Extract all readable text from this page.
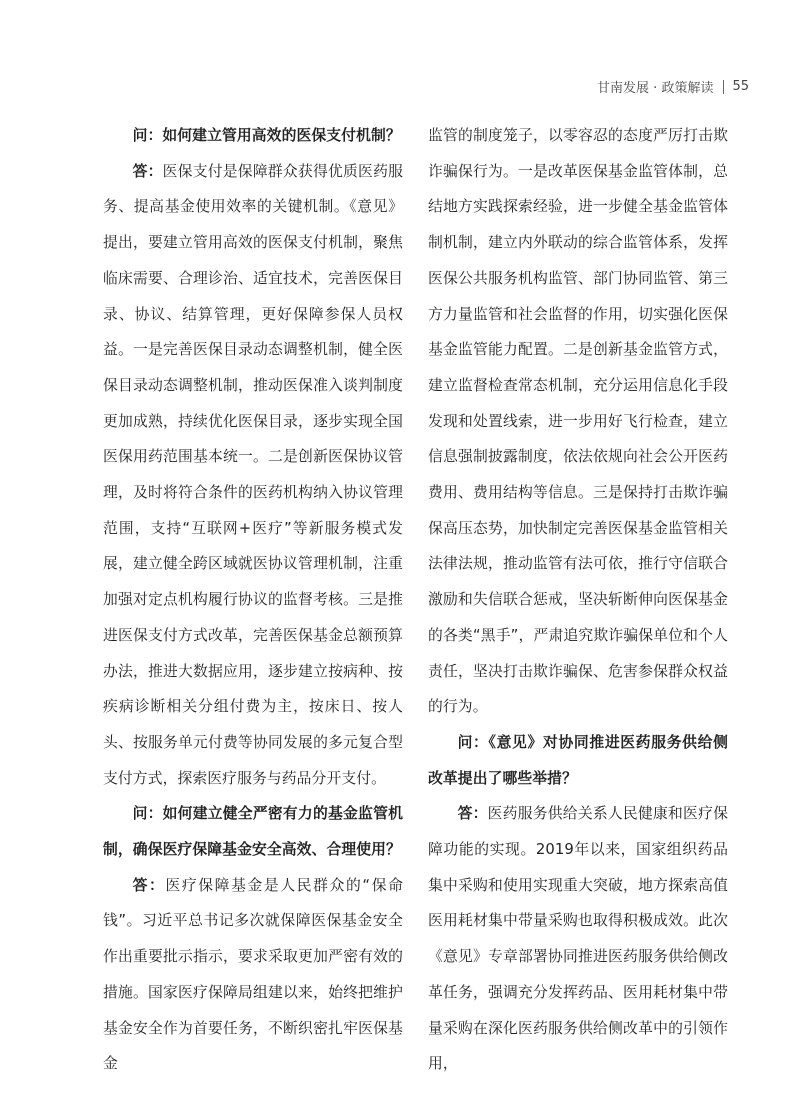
甘南发展 · 政策解读 55

问：如何建立管用高效的医保支付机制？

答：医保支付是保障群众获得优质医药服务、提高基金使用效率的关键机制。《意见》提出，要建立管用高效的医保支付机制，聚焦临床需要、合理诊治、适宜技术，完善医保目录、协议、结算管理，更好保障参保人员权益。一是完善医保目录动态调整机制，健全医保目录动态调整机制，推动医保准入谈判制度更加成熟，持续优化医保目录，逐步实现全国医保用药范围基本统一。二是创新医保协议管理，及时将符合条件的医药机构纳入协议管理范围，支持“互联网+医疗”等新服务模式发展，建立健全跨区域就医协议管理机制，注重加强对定点机构履行协议的监督考核。三是推进医保支付方式改革，完善医保基金总额预算办法，推进大数据应用，逐步建立按病种、按疾病诊断相关分组付费为主，按床日、按人头、按服务单元付费等协同发展的多元复合型支付方式，探索医疗服务与药品分开支付。

问：如何建立健全严密有力的基金监管机制，确保医疗保障基金安全高效、合理使用？

答：医疗保障基金是人民群众的“保命钱”。习近平总书记多次就保障医保基金安全作出重要批示指示，要求采取更加严密有效的措施。国家医疗保障局组建以来，始终把维护基金安全作为首要任务，不断织密扎牢医保基金

监管的制度笼子，以零容忍的态度严厉打击欺诈骗保行为。一是改革医保基金监管体制，总结地方实践探索经验，进一步健全基金监管体制机制，建立内外联动的综合监管体系，发挥医保公共服务机构监管、部门协同监管、第三方力量监管和社会监督的作用，切实强化医保基金监管能力配置。二是创新基金监管方式，建立监督检查常态机制，充分运用信息化手段发现和处置线索，进一步用好飞行检查，建立信息强制披露制度，依法依规向社会公开医药费用、费用结构等信息。三是保持打击欺诈骗保高压态势，加快制定完善医保基金监管相关法律法规，推动监管有法可依，推行守信联合激励和失信联合惩戒，坚决斩断伸向医保基金的各类“黑手”，严肃追究欺诈骗保单位和个人责任，坚决打击欺诈骗保、危害参保群众权益的行为。

问：《意见》对协同推进医药服务供给侧改革提出了哪些举措？

答：医药服务供给关系人民健康和医疗保障功能的实现。2019年以来，国家组织药品集中采购和使用实现重大突破，地方探索高值医用耗材集中带量采购也取得积极成效。此次《意见》专章部署协同推进医药服务供给侧改革任务，强调充分发挥药品、医用耗材集中带量采购在深化医药服务供给侧改革中的引领作用，
